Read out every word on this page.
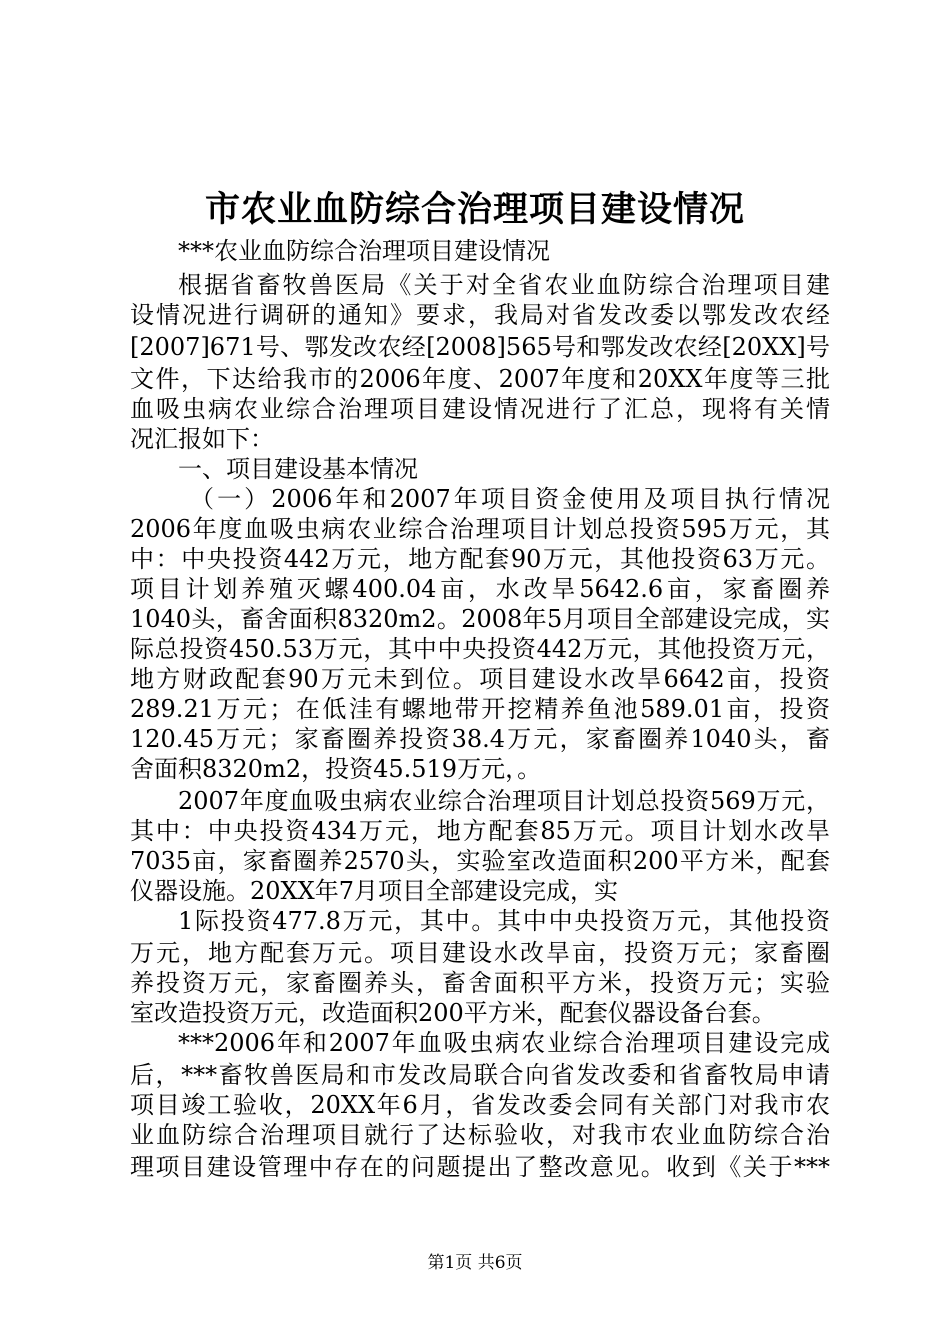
市农业血防综合治理项目建设情况
***农业血防综合治理项目建设情况
根据省畜牧兽医局《关于对全省农业血防综合治理项目建
设情况进行调研的通知》要求，我局对省发改委以鄂发改农经
[2007]671号、鄂发改农经[2008]565号和鄂发改农经[20XX]号
文件，下达给我市的2006年度、2007年度和20XX年度等三批
血吸虫病农业综合治理项目建设情况进行了汇总，现将有关情
况汇报如下：
一、项目建设基本情况
（一）2006年和2007年项目资金使用及项目执行情况
2006年度血吸虫病农业综合治理项目计划总投资595万元，其
中：中央投资442万元，地方配套90万元，其他投资63万元。
项目计划养殖灭螺400.04亩，水改旱5642.6亩，家畜圈养
1040头，畜舍面积8320m2。2008年5月项目全部建设完成，实
际总投资450.53万元，其中中央投资442万元，其他投资万元，
地方财政配套90万元未到位。项目建设水改旱6642亩，投资
289.21万元；在低洼有螺地带开挖精养鱼池589.01亩，投资
120.45万元；家畜圈养投资38.4万元，家畜圈养1040头，畜
舍面积8320m2，投资45.519万元，。
2007年度血吸虫病农业综合治理项目计划总投资569万元，
其中：中央投资434万元，地方配套85万元。项目计划水改旱
7035亩，家畜圈养2570头，实验室改造面积200平方米，配套
仪器设施。20XX年7月项目全部建设完成，实
1际投资477.8万元，其中。其中中央投资万元，其他投资
万元，地方配套万元。项目建设水改旱亩，投资万元；家畜圈
养投资万元，家畜圈养头，畜舍面积平方米，投资万元；实验
室改造投资万元，改造面积200平方米，配套仪器设备台套。
***2006年和2007年血吸虫病农业综合治理项目建设完成
后，***畜牧兽医局和市发改局联合向省发改委和省畜牧局申请
项目竣工验收，20XX年6月，省发改委会同有关部门对我市农
业血防综合治理项目就行了达标验收，对我市农业血防综合治
理项目建设管理中存在的问题提出了整改意见。收到《关于***
第1页 共6页
